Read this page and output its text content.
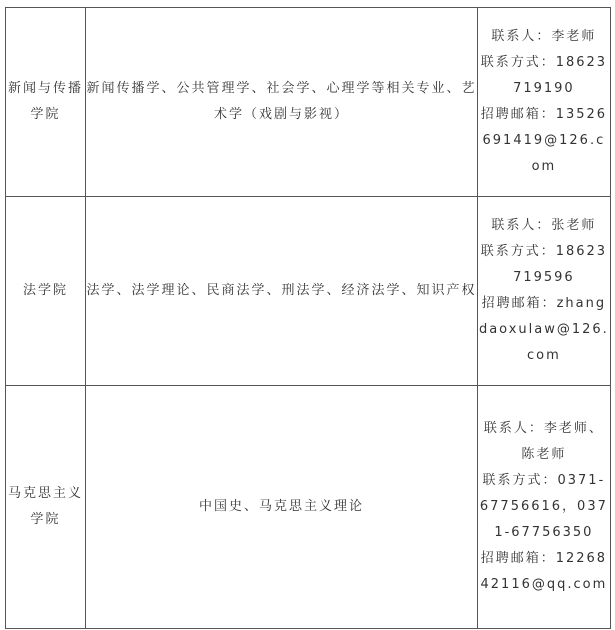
新闻与传播学院	新闻传播学、公共管理学、社会学、心理学等相关专业、艺术学（戏剧与影视）	联系人：李老师
联系方式：18623719190
招聘邮箱：13526691419@126.com

法学院	法学、法学理论、民商法学、刑法学、经济法学、知识产权	联系人：张老师
联系方式：18623719596
招聘邮箱：zhangdaoxulaw@126.com

马克思主义学院	中国史、马克思主义理论	联系人：李老师、陈老师
联系方式：0371-67756616，0371-67756350
招聘邮箱：1226842116@qq.com
